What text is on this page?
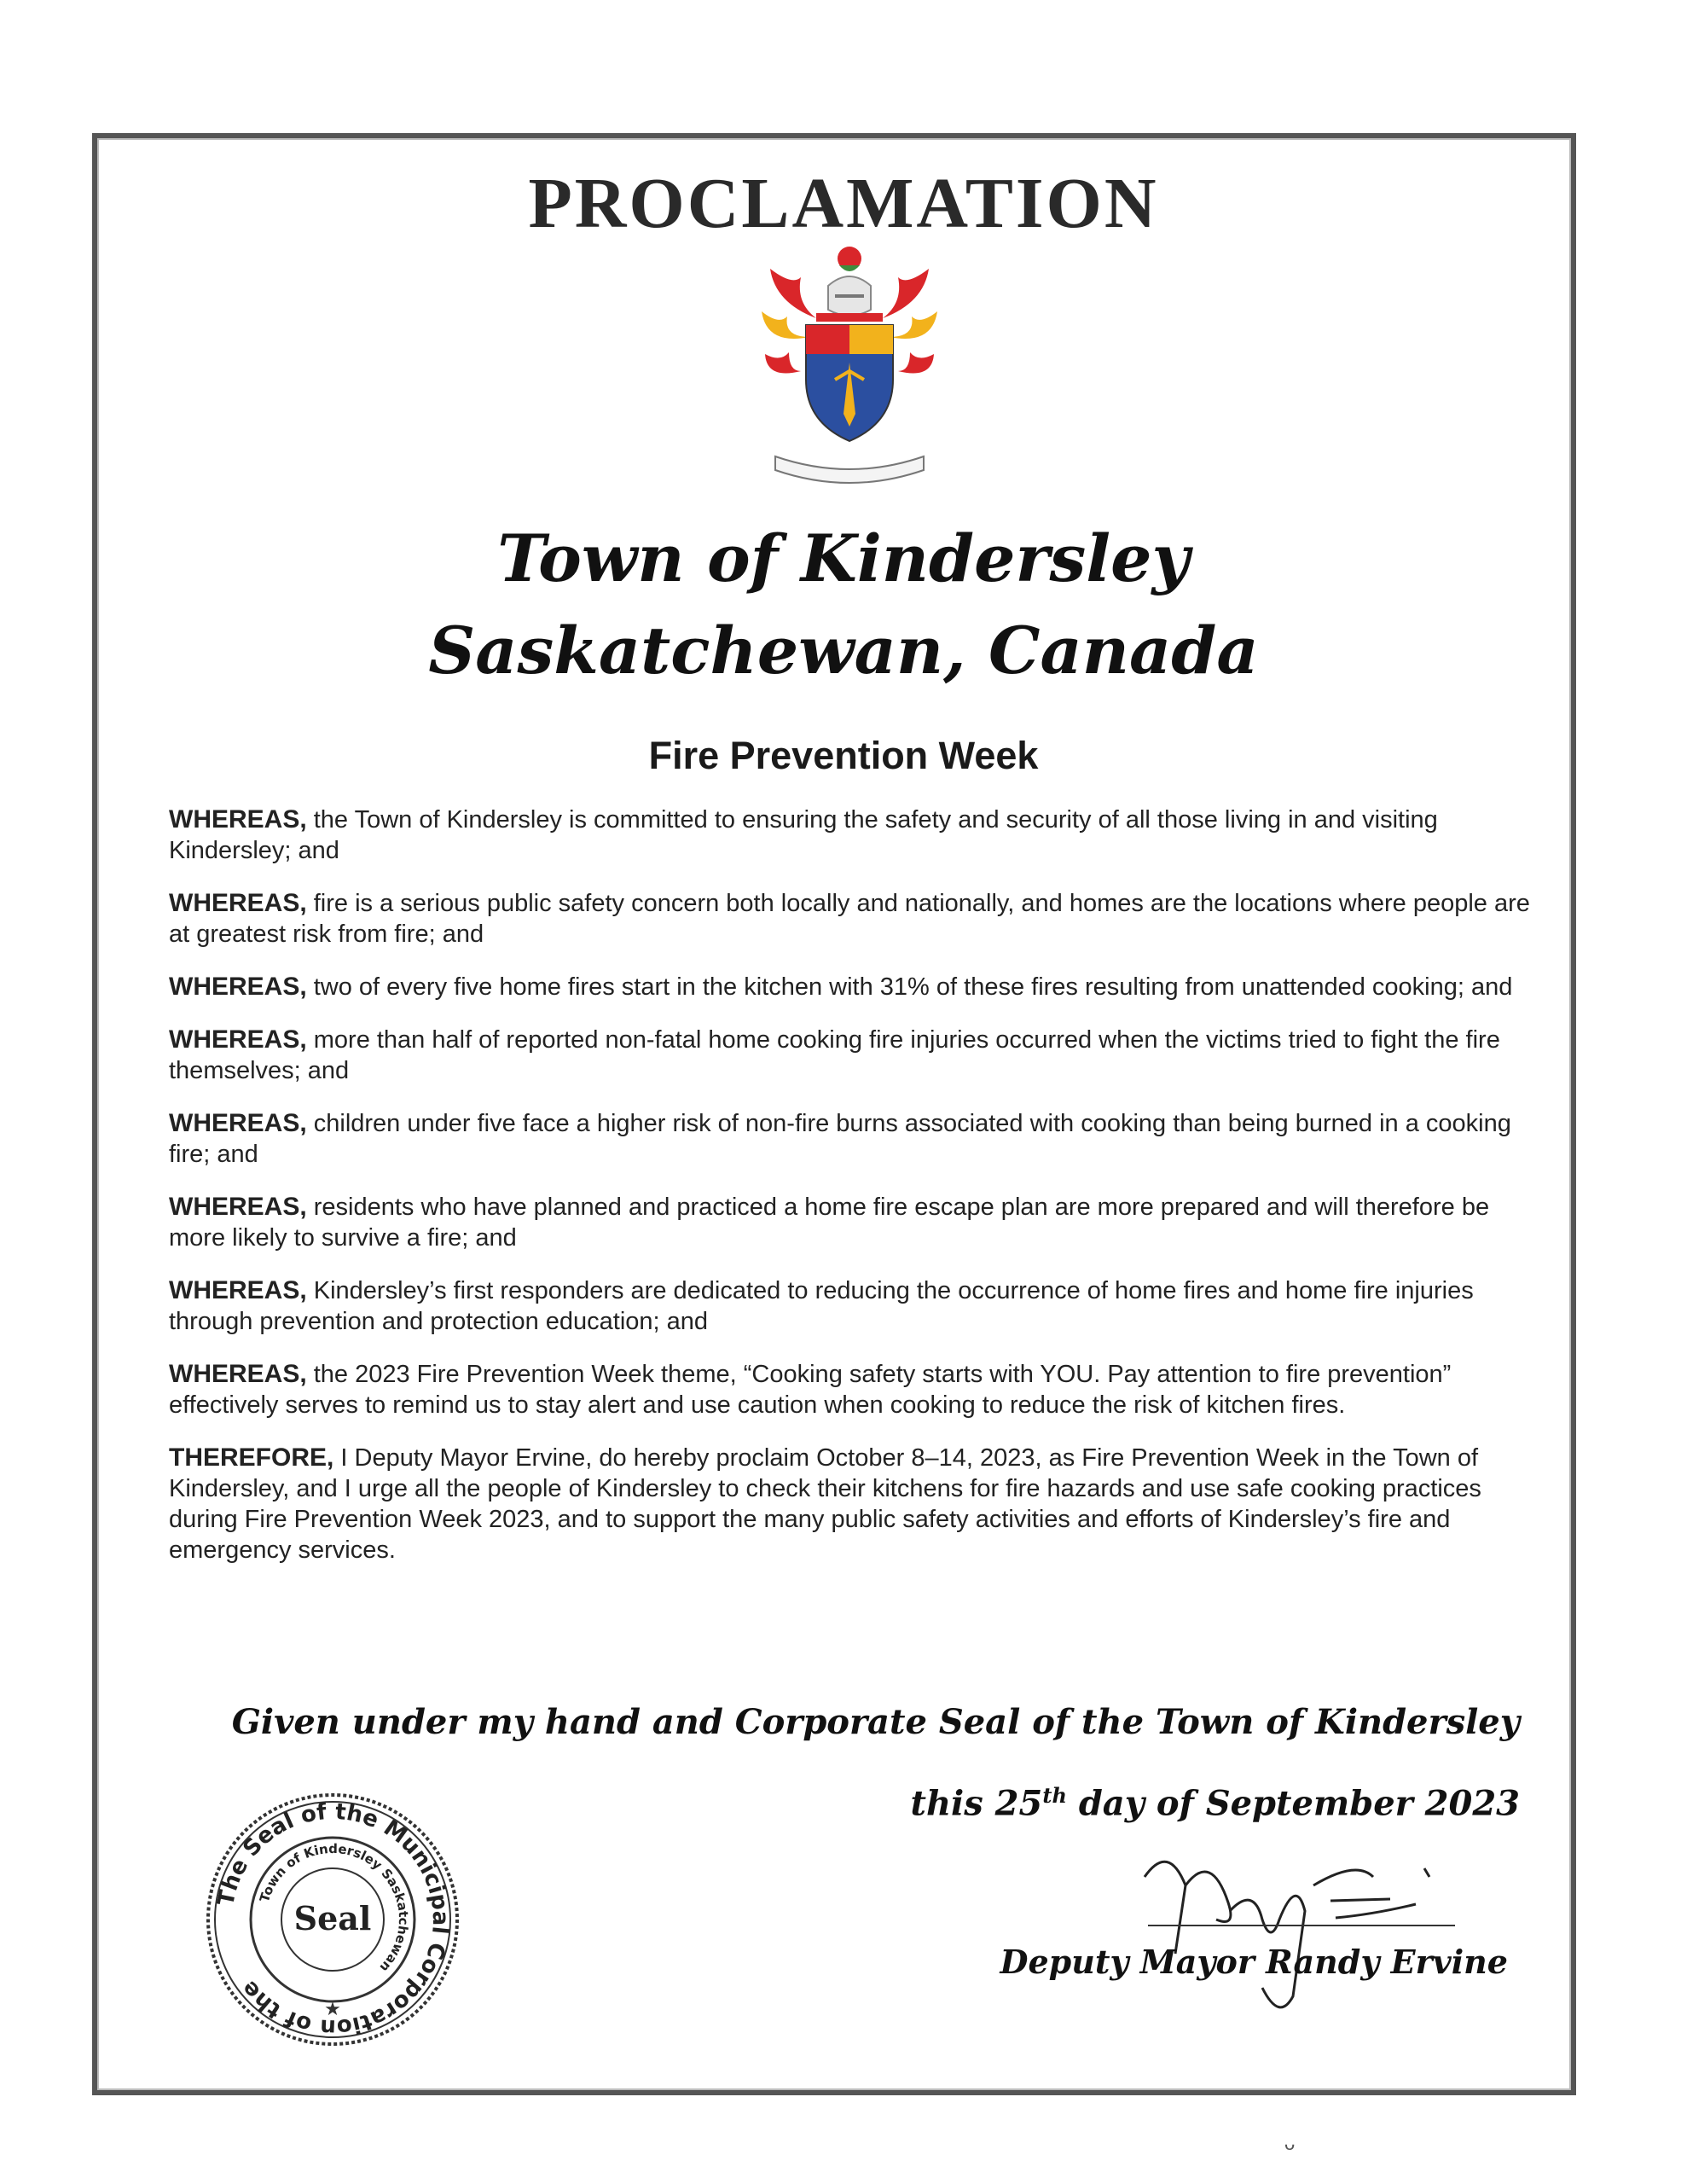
PROCLAMATION
Town of Kindersley
Saskatchewan, Canada
Fire Prevention Week

WHEREAS, the Town of Kindersley is committed to ensuring the safety and security of all those living in and visiting Kindersley; and

WHEREAS, fire is a serious public safety concern both locally and nationally, and homes are the locations where people are at greatest risk from fire; and

WHEREAS, two of every five home fires start in the kitchen with 31% of these fires resulting from unattended cooking; and

WHEREAS, more than half of reported non-fatal home cooking fire injuries occurred when the victims tried to fight the fire themselves; and

WHEREAS, children under five face a higher risk of non-fire burns associated with cooking than being burned in a cooking fire; and

WHEREAS, residents who have planned and practiced a home fire escape plan are more prepared and will therefore be more likely to survive a fire; and

WHEREAS, Kindersley’s first responders are dedicated to reducing the occurrence of home fires and home fire injuries through prevention and protection education; and

WHEREAS, the 2023 Fire Prevention Week theme, “Cooking safety starts with YOU. Pay attention to fire prevention” effectively serves to remind us to stay alert and use caution when cooking to reduce the risk of kitchen fires.

THEREFORE, I Deputy Mayor Ervine, do hereby proclaim October 8–14, 2023, as Fire Prevention Week in the Town of Kindersley, and I urge all the people of Kindersley to check their kitchens for fire hazards and use safe cooking practices during Fire Prevention Week 2023, and to support the many public safety activities and efforts of Kindersley’s fire and emergency services.

Given under my hand and Corporate Seal of the Town of Kindersley
this 25th day of September 2023
Deputy Mayor Randy Ervine
The Seal of the Municipal Corporation of the
Town of Kindersley Saskatchewan
Seal
★
ᴗ
